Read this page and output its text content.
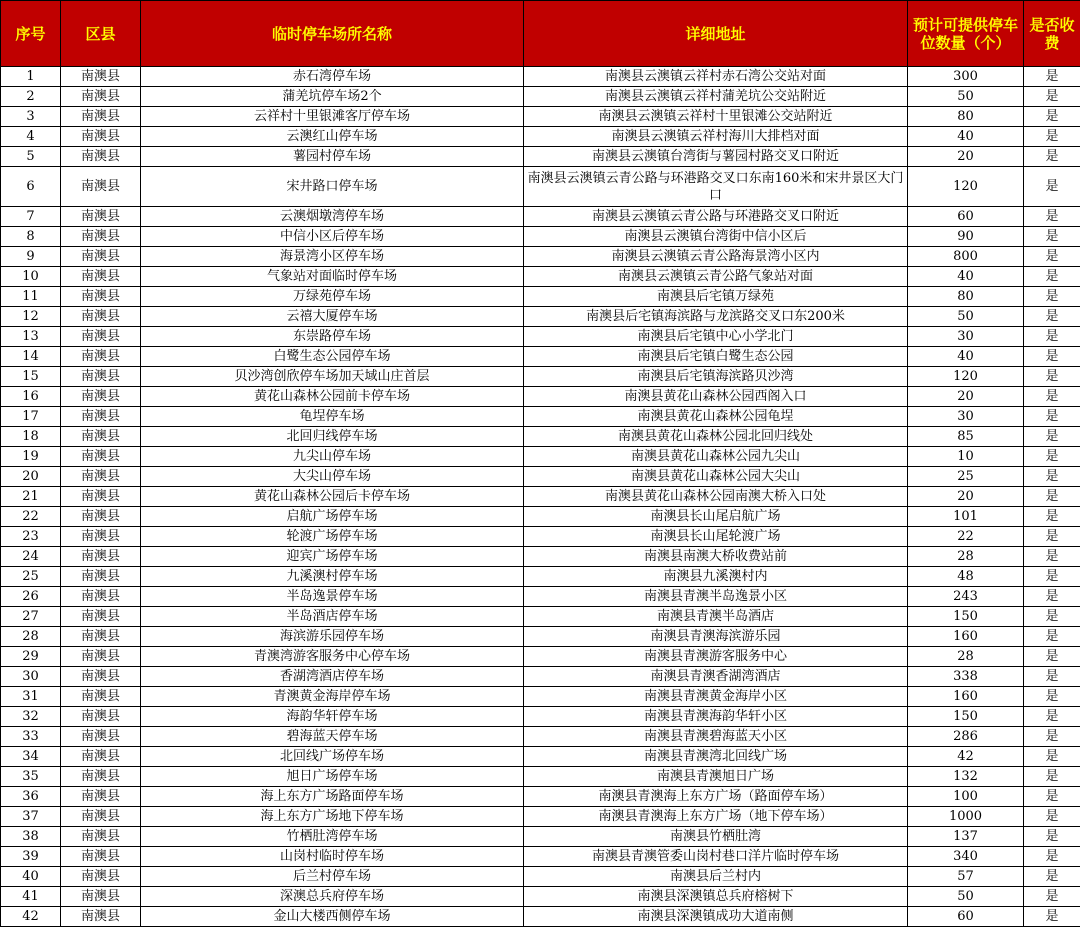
序号	区县	临时停车场所名称	详细地址	预计可提供停车位数量（个）	是否收费
1	南澳县	赤石湾停车场	南澳县云澳镇云祥村赤石湾公交站对面	300	是
2	南澳县	蒲羌坑停车场2个	南澳县云澳镇云祥村蒲羌坑公交站附近	50	是
3	南澳县	云祥村十里银滩客厅停车场	南澳县云澳镇云祥村十里银滩公交站附近	80	是
4	南澳县	云澳红山停车场	南澳县云澳镇云祥村海川大排档对面	40	是
5	南澳县	薯园村停车场	南澳县云澳镇台湾街与薯园村路交叉口附近	20	是
6	南澳县	宋井路口停车场	南澳县云澳镇云青公路与环港路交叉口东南160米和宋井景区大门口	120	是
7	南澳县	云澳烟墩湾停车场	南澳县云澳镇云青公路与环港路交叉口附近	60	是
8	南澳县	中信小区后停车场	南澳县云澳镇台湾街中信小区后	90	是
9	南澳县	海景湾小区停车场	南澳县云澳镇云青公路海景湾小区内	800	是
10	南澳县	气象站对面临时停车场	南澳县云澳镇云青公路气象站对面	40	是
11	南澳县	万绿苑停车场	南澳县后宅镇万绿苑	80	是
12	南澳县	云禧大厦停车场	南澳县后宅镇海滨路与龙滨路交叉口东200米	50	是
13	南澳县	东崇路停车场	南澳县后宅镇中心小学北门	30	是
14	南澳县	白鹭生态公园停车场	南澳县后宅镇白鹭生态公园	40	是
15	南澳县	贝沙湾创欣停车场加天域山庄首层	南澳县后宅镇海滨路贝沙湾	120	是
16	南澳县	黄花山森林公园前卡停车场	南澳县黄花山森林公园西阁入口	20	是
17	南澳县	龟埕停车场	南澳县黄花山森林公园龟埕	30	是
18	南澳县	北回归线停车场	南澳县黄花山森林公园北回归线处	85	是
19	南澳县	九尖山停车场	南澳县黄花山森林公园九尖山	10	是
20	南澳县	大尖山停车场	南澳县黄花山森林公园大尖山	25	是
21	南澳县	黄花山森林公园后卡停车场	南澳县黄花山森林公园南澳大桥入口处	20	是
22	南澳县	启航广场停车场	南澳县长山尾启航广场	101	是
23	南澳县	轮渡广场停车场	南澳县长山尾轮渡广场	22	是
24	南澳县	迎宾广场停车场	南澳县南澳大桥收费站前	28	是
25	南澳县	九溪澳村停车场	南澳县九溪澳村内	48	是
26	南澳县	半岛逸景停车场	南澳县青澳半岛逸景小区	243	是
27	南澳县	半岛酒店停车场	南澳县青澳半岛酒店	150	是
28	南澳县	海滨游乐园停车场	南澳县青澳海滨游乐园	160	是
29	南澳县	青澳湾游客服务中心停车场	南澳县青澳游客服务中心	28	是
30	南澳县	香湖湾酒店停车场	南澳县青澳香湖湾酒店	338	是
31	南澳县	青澳黄金海岸停车场	南澳县青澳黄金海岸小区	160	是
32	南澳县	海韵华轩停车场	南澳县青澳海韵华轩小区	150	是
33	南澳县	碧海蓝天停车场	南澳县青澳碧海蓝天小区	286	是
34	南澳县	北回线广场停车场	南澳县青澳湾北回线广场	42	是
35	南澳县	旭日广场停车场	南澳县青澳旭日广场	132	是
36	南澳县	海上东方广场路面停车场	南澳县青澳海上东方广场（路面停车场）	100	是
37	南澳县	海上东方广场地下停车场	南澳县青澳海上东方广场（地下停车场）	1000	是
38	南澳县	竹栖肚湾停车场	南澳县竹栖肚湾	137	是
39	南澳县	山岗村临时停车场	南澳县青澳管委山岗村巷口洋片临时停车场	340	是
40	南澳县	后兰村停车场	南澳县后兰村内	57	是
41	南澳县	深澳总兵府停车场	南澳县深澳镇总兵府榕树下	50	是
42	南澳县	金山大楼西侧停车场	南澳县深澳镇成功大道南侧	60	是
